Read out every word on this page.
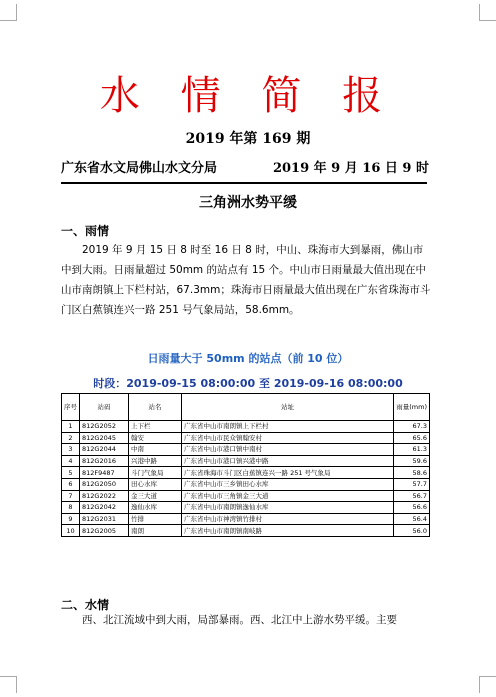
水 情 简 报
2019 年第 169 期
广东省水文局佛山水文分局	2019 年 9 月 16 日 9 时
三角洲水势平缓
一、雨情
2019 年 9 月 15 日 8 时至 16 日 8 时，中山、珠海市大到暴雨，佛山市中到大雨。日雨量超过 50mm 的站点有 15 个。中山市日雨量最大值出现在中山市南朗镇上下栏村站，67.3mm；珠海市日雨量最大值出现在广东省珠海市斗门区白蕉镇连兴一路 251 号气象局站，58.6mm。
日雨量大于 50mm 的站点（前 10 位）
时段：2019-09-15 08:00:00 至 2019-09-16 08:00:00
序号	站码	站名	站址	雨量(mm)
1	812G2052	上下栏	广东省中山市南朗镇上下栏村	67.3
2	812G2045	翰安	广东省中山市民众镇翰安村	65.6
3	812G2044	中南	广东省中山市港口镇中南村	61.3
4	812G2016	兴港中路	广东省中山市港口镇兴港中路	59.6
5	812F9487	斗门气象局	广东省珠海市斗门区白蕉镇连兴一路 251 号气象局	58.6
6	812G2050	田心水库	广东省中山市三乡镇田心水库	57.7
7	812G2022	金三大道	广东省中山市三角镇金三大道	56.7
8	812G2042	逸仙水库	广东省中山市南朗镇逸仙水库	56.6
9	812G2031	竹排	广东省中山市神湾镇竹排村	56.4
10	812G2005	南朗	广东省中山市南朗镇南岐路	56.0
二、水情
西、北江流域中到大雨，局部暴雨。西、北江中上游水势平缓。主要
